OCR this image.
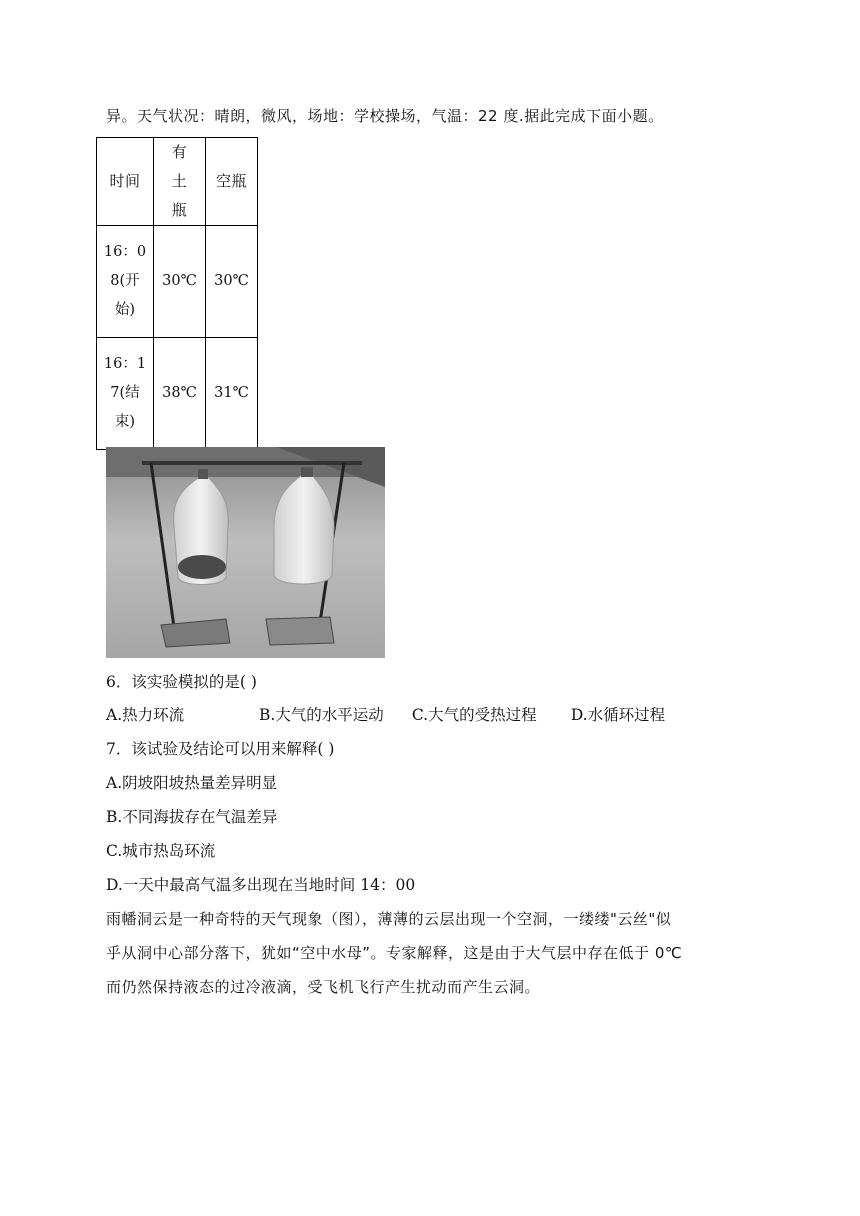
异。天气状况：晴朗，微风，场地：学校操场，气温：22 度.据此完成下面小题。
时间	有土瓶	空瓶

16：08(开始)	30℃	30℃

16：17(结束)	38℃	31℃
6．该实验模拟的是( )
A.热力环流	B.大气的水平运动 C.大气的受热过程 D.水循环过程
7．该试验及结论可以用来解释( )
A.阴坡阳坡热量差异明显
B.不同海拔存在气温差异
C.城市热岛环流
D.一天中最高气温多出现在当地时间 14：00
雨幡洞云是一种奇特的天气现象（图），薄薄的云层出现一个空洞，一缕缕"云丝"似
乎从洞中心部分落下，犹如“空中水母”。专家解释，这是由于大气层中存在低于 0℃
而仍然保持液态的过冷液滴，受飞机飞行产生扰动而产生云洞。
